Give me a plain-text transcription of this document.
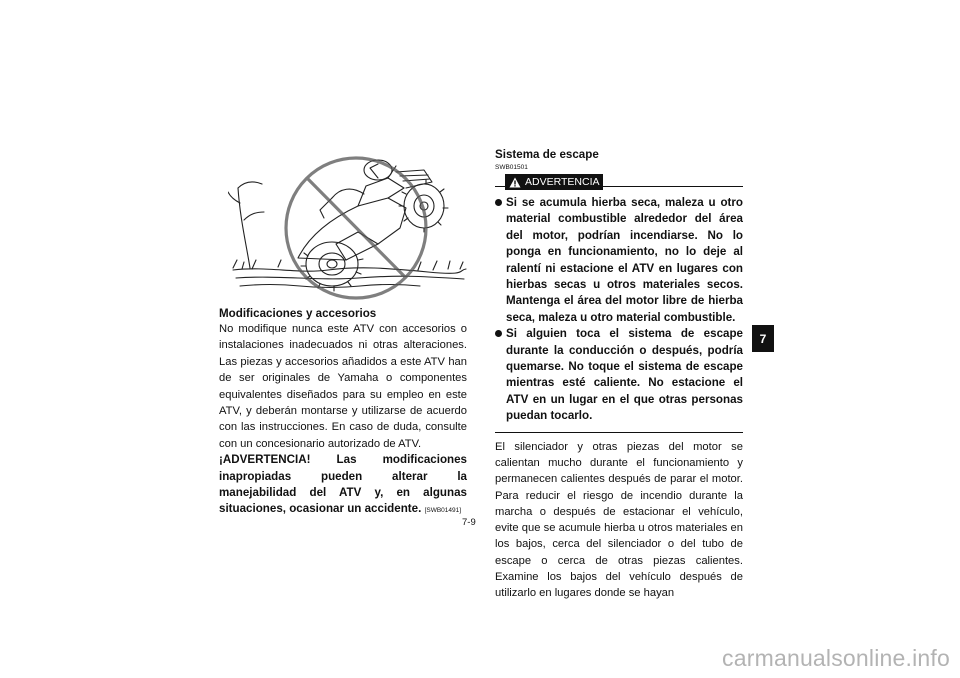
Modificaciones y accesorios

No modifique nunca este ATV con accesorios o instalaciones inadecuados ni otras alteraciones. Las piezas y accesorios añadidos a este ATV han de ser originales de Yamaha o componentes equivalentes diseñados para su empleo en este ATV, y deberán montarse y utilizarse de acuerdo con las instrucciones. En caso de duda, consulte con un concesionario autorizado de ATV.

¡ADVERTENCIA! Las modificaciones inapropiadas pueden alterar la manejabilidad del ATV y, en algunas situaciones, ocasionar un accidente. [SWB01491]

Sistema de escape
SWB01501
ADVERTENCIA
Si se acumula hierba seca, maleza u otro material combustible alrededor del área del motor, podrían incendiarse. No lo ponga en funcionamiento, no lo deje al ralentí ni estacione el ATV en lugares con hierbas secas u otros materiales secos. Mantenga el área del motor libre de hierba seca, maleza u otro material combustible.
Si alguien toca el sistema de escape durante la conducción o después, podría quemarse. No toque el sistema de escape mientras esté caliente. No estacione el ATV en un lugar en el que otras personas puedan tocarlo.

El silenciador y otras piezas del motor se calientan mucho durante el funcionamiento y permanecen calientes después de parar el motor. Para reducir el riesgo de incendio durante la marcha o después de estacionar el vehículo, evite que se acumule hierba u otros materiales en los bajos, cerca del silenciador o del tubo de escape o cerca de otras piezas calientes. Examine los bajos del vehículo después de utilizarlo en lugares donde se hayan

7
7-9
carmanualsonline.info
